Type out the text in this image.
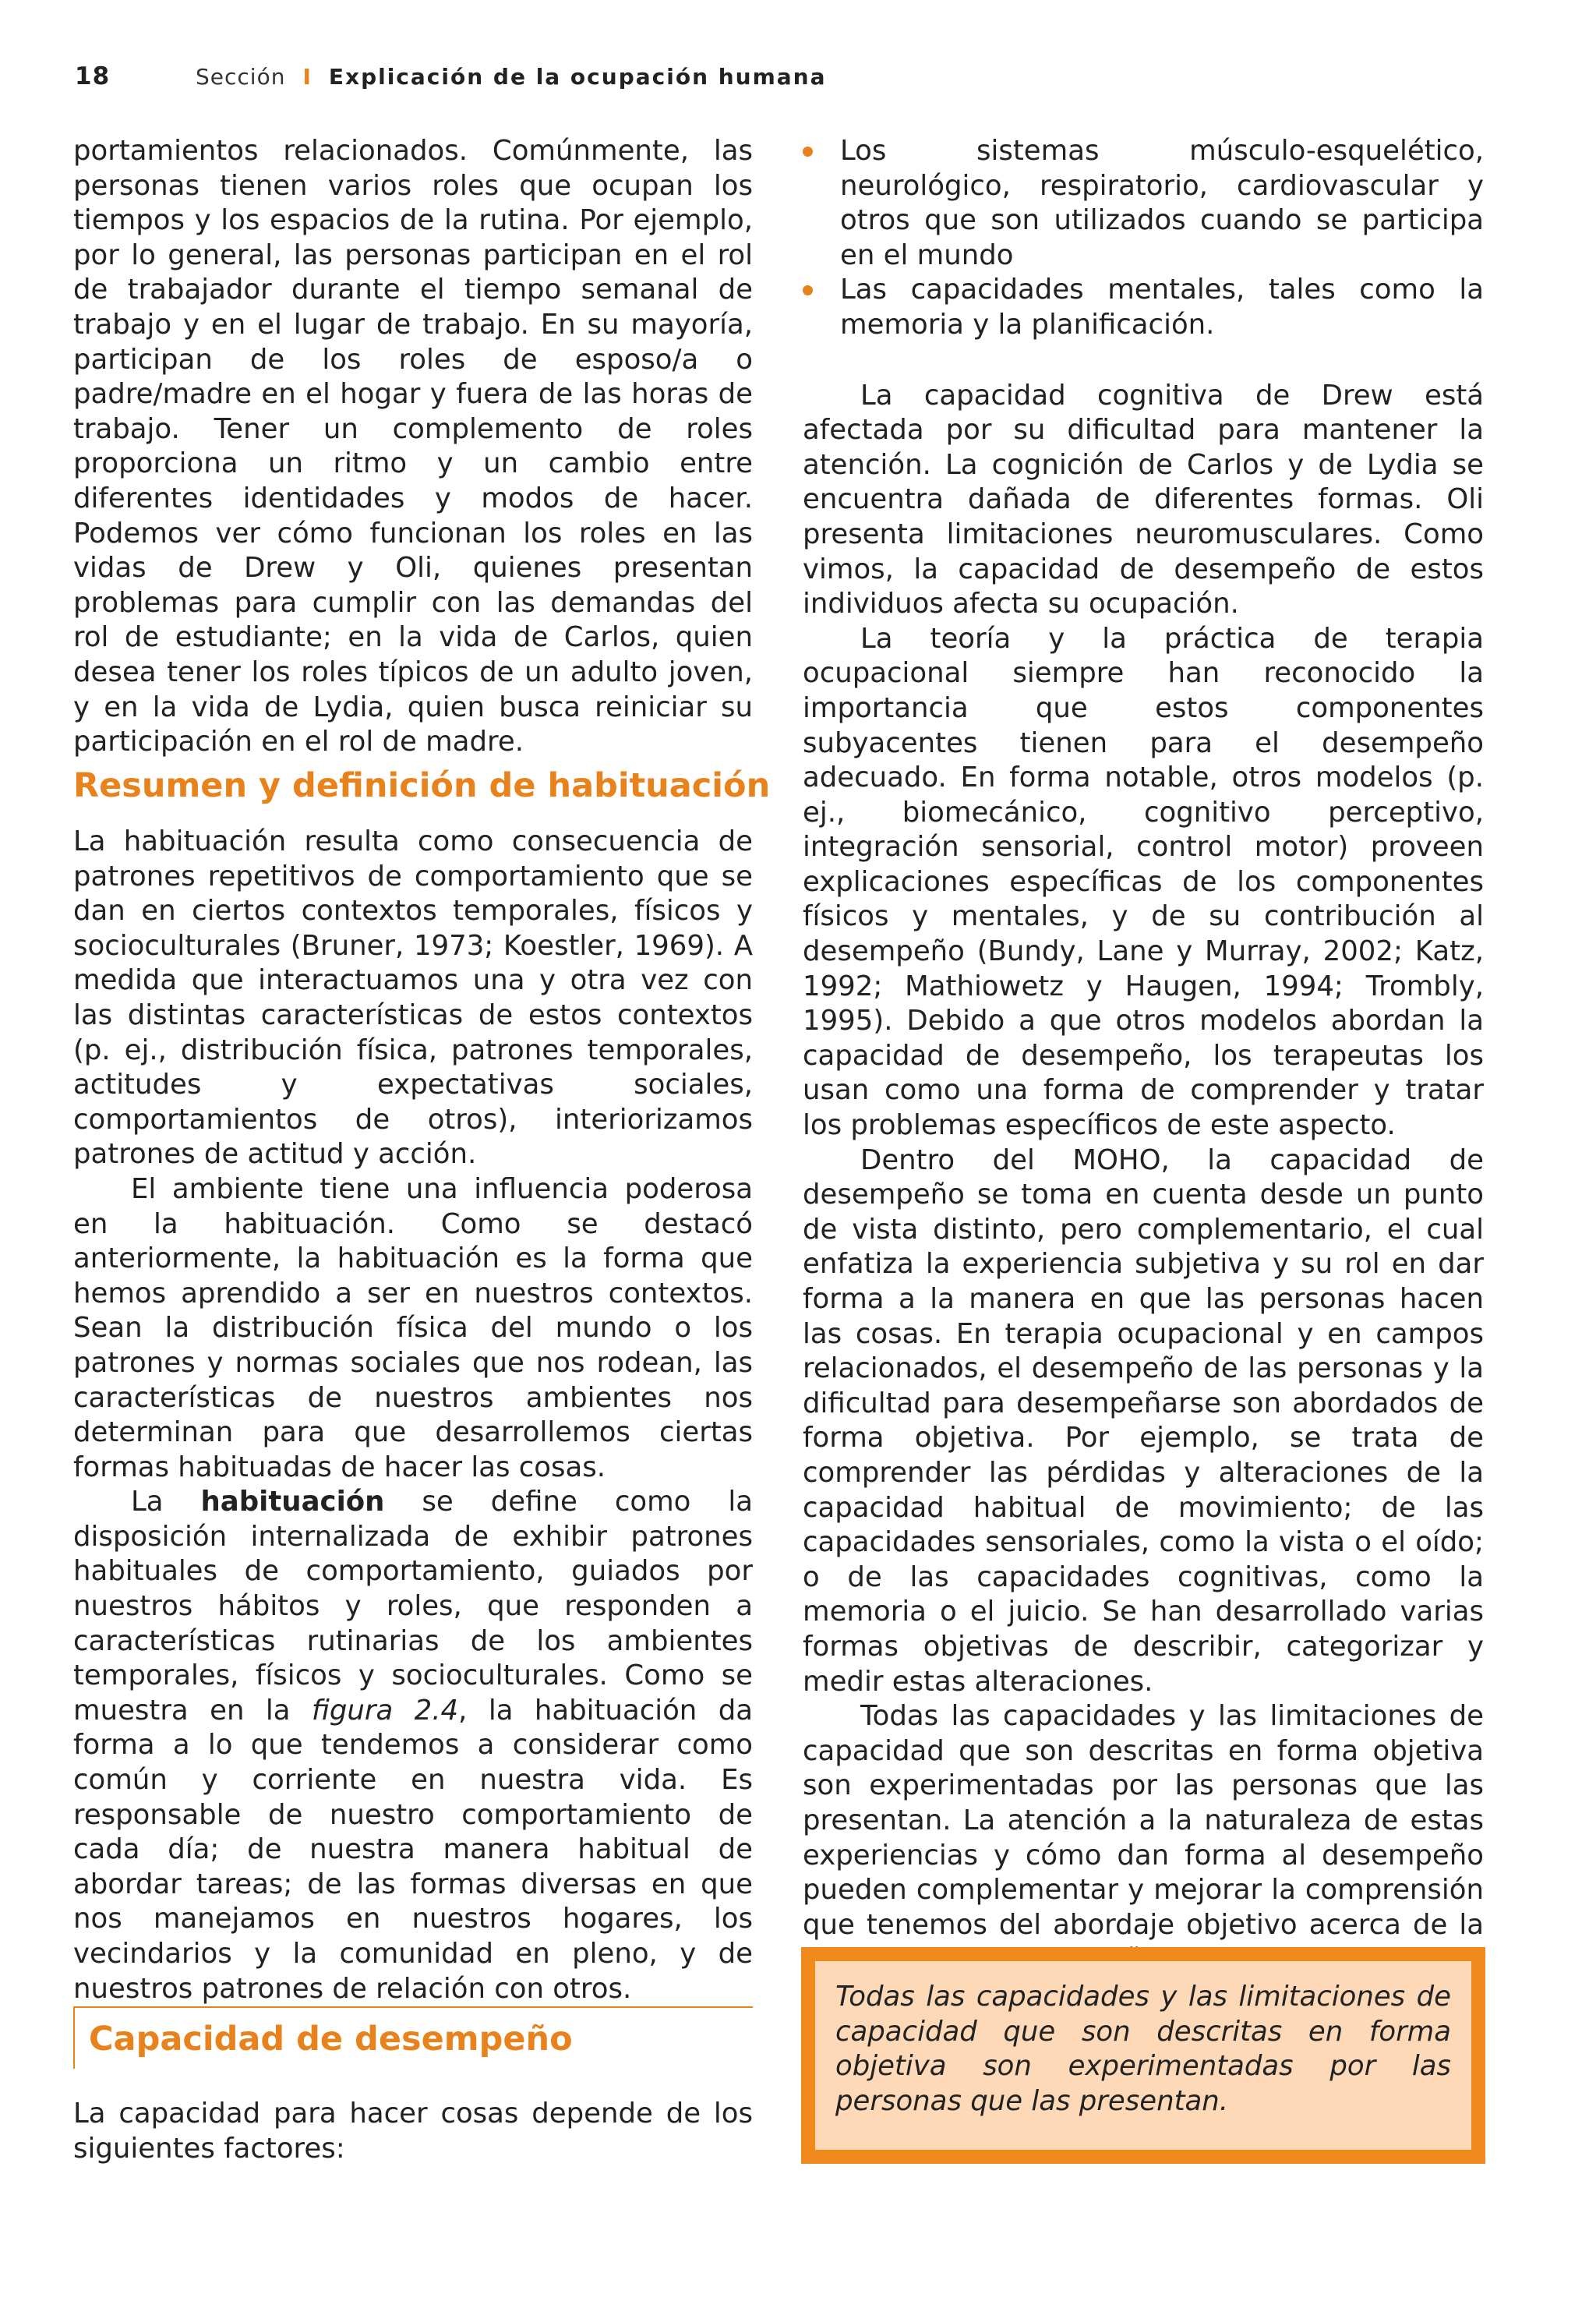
18	Sección I Explicación de la ocupación humana

portamientos relacionados. Comúnmente, las personas tienen varios roles que ocupan los tiempos y los espacios de la rutina. Por ejemplo, por lo general, las personas participan en el rol de trabajador durante el tiempo semanal de trabajo y en el lugar de trabajo. En su mayoría, participan de los roles de esposo/a o padre/madre en el hogar y fuera de las horas de trabajo. Tener un complemento de roles proporciona un ritmo y un cambio entre diferentes identidades y modos de hacer. Podemos ver cómo funcionan los roles en las vidas de Drew y Oli, quienes presentan problemas para cumplir con las demandas del rol de estudiante; en la vida de Carlos, quien desea tener los roles típicos de un adulto joven, y en la vida de Lydia, quien busca reiniciar su participación en el rol de madre.

Resumen y definición de habituación

La habituación resulta como consecuencia de patrones repetitivos de comportamiento que se dan en ciertos contextos temporales, físicos y socioculturales (Bruner, 1973; Koestler, 1969). A medida que interactuamos una y otra vez con las distintas características de estos contextos (p. ej., distribución física, patrones temporales, actitudes y expectativas sociales, comportamientos de otros), interiorizamos patrones de actitud y acción.

El ambiente tiene una influencia poderosa en la habituación. Como se destacó anteriormente, la habituación es la forma que hemos aprendido a ser en nuestros contextos. Sean la distribución física del mundo o los patrones y normas sociales que nos rodean, las características de nuestros ambientes nos determinan para que desarrollemos ciertas formas habituadas de hacer las cosas.

La habituación se define como la disposición internalizada de exhibir patrones habituales de comportamiento, guiados por nuestros hábitos y roles, que responden a características rutinarias de los ambientes temporales, físicos y socioculturales. Como se muestra en la figura 2.4, la habituación da forma a lo que tendemos a considerar como común y corriente en nuestra vida. Es responsable de nuestro comportamiento de cada día; de nuestra manera habitual de abordar tareas; de las formas diversas en que nos manejamos en nuestros hogares, los vecindarios y la comunidad en pleno, y de nuestros patrones de relación con otros.

Capacidad de desempeño

La capacidad para hacer cosas depende de los siguientes factores:

Los sistemas músculo-esquelético, neurológico, respiratorio, cardiovascular y otros que son utilizados cuando se participa en el mundo
Las capacidades mentales, tales como la memoria y la planificación.

La capacidad cognitiva de Drew está afectada por su dificultad para mantener la atención. La cognición de Carlos y de Lydia se encuentra dañada de diferentes formas. Oli presenta limitaciones neuromusculares. Como vimos, la capacidad de desempeño de estos individuos afecta su ocupación.

La teoría y la práctica de terapia ocupacional siempre han reconocido la importancia que estos componentes subyacentes tienen para el desempeño adecuado. En forma notable, otros modelos (p. ej., biomecánico, cognitivo perceptivo, integración sensorial, control motor) proveen explicaciones específicas de los componentes físicos y mentales, y de su contribución al desempeño (Bundy, Lane y Murray, 2002; Katz, 1992; Mathiowetz y Haugen, 1994; Trombly, 1995). Debido a que otros modelos abordan la capacidad de desempeño, los terapeutas los usan como una forma de comprender y tratar los problemas específicos de este aspecto.

Dentro del MOHO, la capacidad de desempeño se toma en cuenta desde un punto de vista distinto, pero complementario, el cual enfatiza la experiencia subjetiva y su rol en dar forma a la manera en que las personas hacen las cosas. En terapia ocupacional y en campos relacionados, el desempeño de las personas y la dificultad para desempeñarse son abordados de forma objetiva. Por ejemplo, se trata de comprender las pérdidas y alteraciones de la capacidad habitual de movimiento; de las capacidades sensoriales, como la vista o el oído; o de las capacidades cognitivas, como la memoria o el juicio. Se han desarrollado varias formas objetivas de describir, categorizar y medir estas alteraciones.

Todas las capacidades y las limitaciones de capacidad que son descritas en forma objetiva son experimentadas por las personas que las presentan. La atención a la naturaleza de estas experiencias y cómo dan forma al desempeño pueden complementar y mejorar la comprensión que tenemos del abordaje objetivo acerca de la

Todas las capacidades y las limitaciones de capacidad que son descritas en forma objetiva son experimentadas por las personas que las presentan.
